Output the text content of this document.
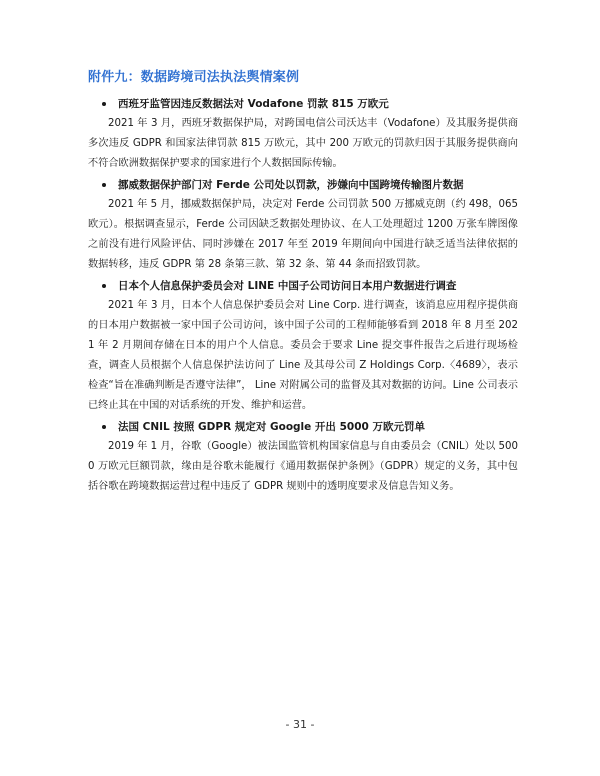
附件九：数据跨境司法执法舆情案例
西班牙监管因违反数据法对 Vodafone 罚款 815 万欧元

2021 年 3 月，西班牙数据保护局，对跨国电信公司沃达丰（Vodafone）及其服务提供商多次违反 GDPR 和国家法律罚款 815 万欧元，其中 200 万欧元的罚款归因于其服务提供商向不符合欧洲数据保护要求的国家进行个人数据国际传输。

挪威数据保护部门对 Ferde 公司处以罚款，涉嫌向中国跨境传输图片数据

2021 年 5 月，挪威数据保护局，决定对 Ferde 公司罚款 500 万挪威克朗（约 498，065 欧元）。根据调查显示，Ferde 公司因缺乏数据处理协议、在人工处理超过 1200 万张车牌图像之前没有进行风险评估、同时涉嫌在 2017 年至 2019 年期间向中国进行缺乏适当法律依据的数据转移，违反 GDPR 第 28 条第三款、第 32 条、第 44 条而招致罚款。

日本个人信息保护委员会对 LINE 中国子公司访问日本用户数据进行调查

2021 年 3 月，日本个人信息保护委员会对 Line Corp. 进行调查，该消息应用程序提供商的日本用户数据被一家中国子公司访问，该中国子公司的工程师能够看到 2018 年 8 月至 2021 年 2 月期间存储在日本的用户个人信息。委员会于要求 Line 提交事件报告之后进行现场检查，调查人员根据个人信息保护法访问了 Line 及其母公司 Z Holdings Corp.〈4689〉，表示检查“旨在准确判断是否遵守法律”， Line 对附属公司的监督及其对数据的访问。Line 公司表示已终止其在中国的对话系统的开发、维护和运营。

法国 CNIL 按照 GDPR 规定对 Google 开出 5000 万欧元罚单

2019 年 1 月，谷歌（Google）被法国监管机构国家信息与自由委员会（CNIL）处以 5000 万欧元巨额罚款，缘由是谷歌未能履行《通用数据保护条例》（GDPR）规定的义务，其中包括谷歌在跨境数据运营过程中违反了 GDPR 规则中的透明度要求及信息告知义务。

- 31 -
